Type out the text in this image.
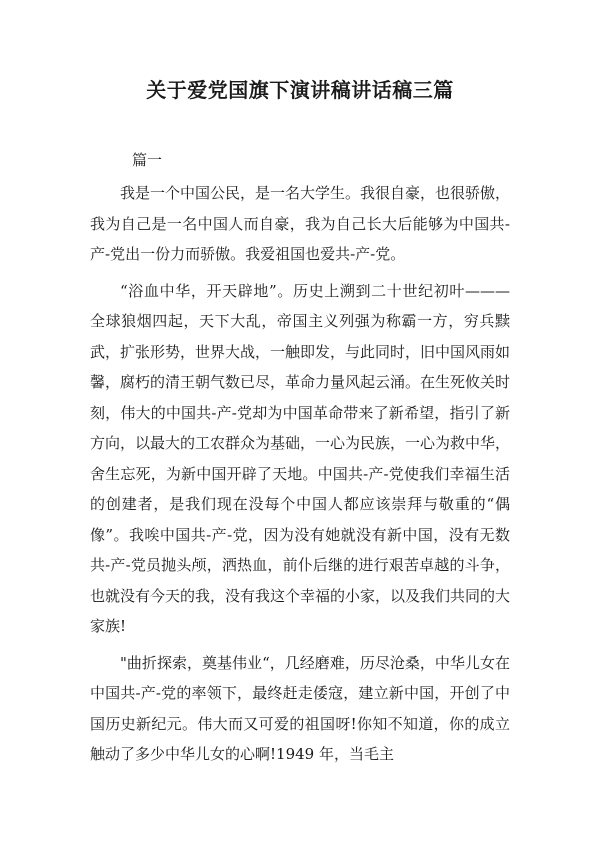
关于爱党国旗下演讲稿讲话稿三篇

篇一

我是一个中国公民，是一名大学生。我很自豪，也很骄傲，我为自己是一名中国人而自豪，我为自己长大后能够为中国共-产-党出一份力而骄傲。我爱祖国也爱共-产-党。

“浴血中华，开天辟地”。历史上溯到二十世纪初叶———全球狼烟四起，天下大乱，帝国主义列强为称霸一方，穷兵黩武，扩张形势，世界大战，一触即发，与此同时，旧中国风雨如馨，腐朽的清王朝气数已尽，革命力量风起云涌。在生死攸关时刻，伟大的中国共-产-党却为中国革命带来了新希望，指引了新方向，以最大的工农群众为基础，一心为民族，一心为救中华，舍生忘死，为新中国开辟了天地。中国共-产-党使我们幸福生活的创建者，是我们现在没每个中国人都应该崇拜与敬重的“偶像”。我唉中国共-产-党，因为没有她就没有新中国，没有无数共-产-党员抛头颅，洒热血，前仆后继的进行艰苦卓越的斗争，也就没有今天的我，没有我这个幸福的小家，以及我们共同的大家族!

"曲折探索，奠基伟业“，几经磨难，历尽沧桑，中华儿女在中国共-产-党的率领下，最终赶走倭寇，建立新中国，开创了中国历史新纪元。伟大而又可爱的祖国呀!你知不知道，你的成立触动了多少中华儿女的心啊!1949 年，当毛主
